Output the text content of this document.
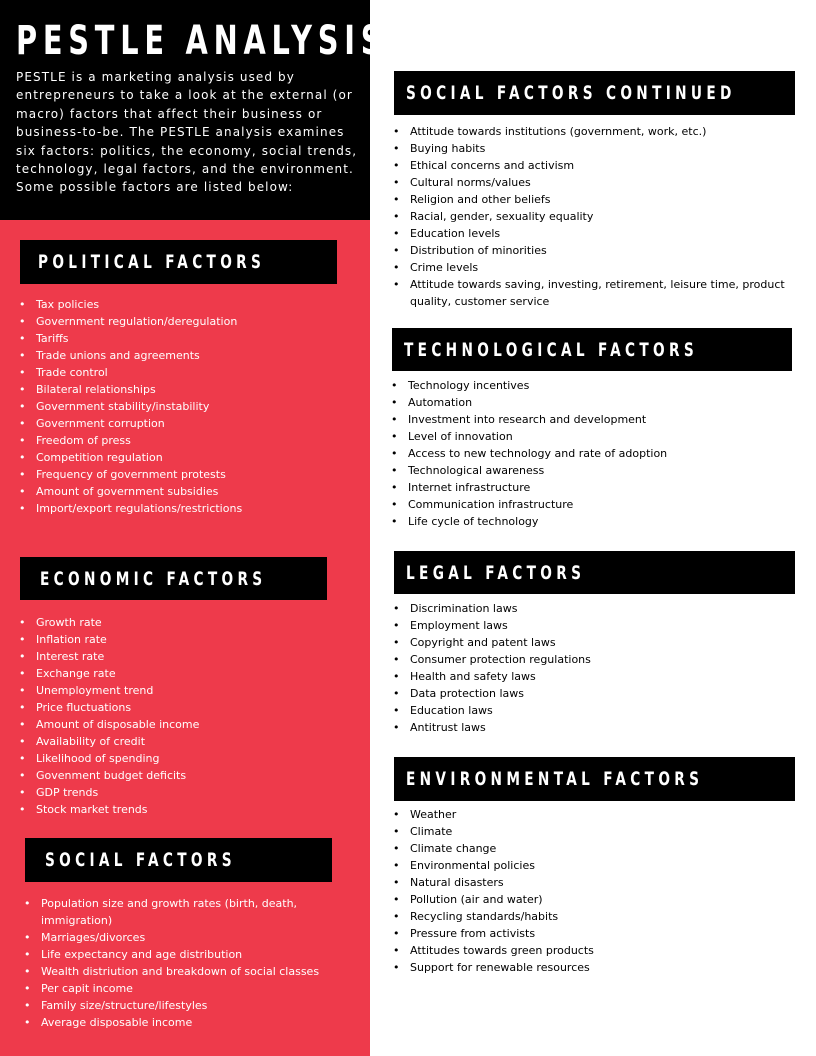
PESTLE ANALYSIS

PESTLE is a marketing analysis used by entrepreneurs to take a look at the external (or macro) factors that affect their business or business-to-be. The PESTLE analysis examines six factors: politics, the economy, social trends, technology, legal factors, and the environment. Some possible factors are listed below:

POLITICAL FACTORS
• Tax policies
• Government regulation/deregulation
• Tariffs
• Trade unions and agreements
• Trade control
• Bilateral relationships
• Government stability/instability
• Government corruption
• Freedom of press
• Competition regulation
• Frequency of government protests
• Amount of government subsidies
• Import/export regulations/restrictions
ECONOMIC FACTORS
• Growth rate
• Inflation rate
• Interest rate
• Exchange rate
• Unemployment trend
• Price fluctuations
• Amount of disposable income
• Availability of credit
• Likelihood of spending
• Govenment budget deficits
• GDP trends
• Stock market trends
SOCIAL FACTORS
• Population size and growth rates (birth, death, immigration)
• Marriages/divorces
• Life expectancy and age distribution
• Wealth distriution and breakdown of social classes
• Per capit income
• Family size/structure/lifestyles
• Average disposable income
SOCIAL FACTORS CONTINUED
• Attitude towards institutions (government, work, etc.)
• Buying habits
• Ethical concerns and activism
• Cultural norms/values
• Religion and other beliefs
• Racial, gender, sexuality equality
• Education levels
• Distribution of minorities
• Crime levels
• Attitude towards saving, investing, retirement, leisure time, product quality, customer service
TECHNOLOGICAL FACTORS
• Technology incentives
• Automation
• Investment into research and development
• Level of innovation
• Access to new technology and rate of adoption
• Technological awareness
• Internet infrastructure
• Communication infrastructure
• Life cycle of technology
LEGAL FACTORS
• Discrimination laws
• Employment laws
• Copyright and patent laws
• Consumer protection regulations
• Health and safety laws
• Data protection laws
• Education laws
• Antitrust laws
ENVIRONMENTAL FACTORS
• Weather
• Climate
• Climate change
• Environmental policies
• Natural disasters
• Pollution (air and water)
• Recycling standards/habits
• Pressure from activists
• Attitudes towards green products
• Support for renewable resources
